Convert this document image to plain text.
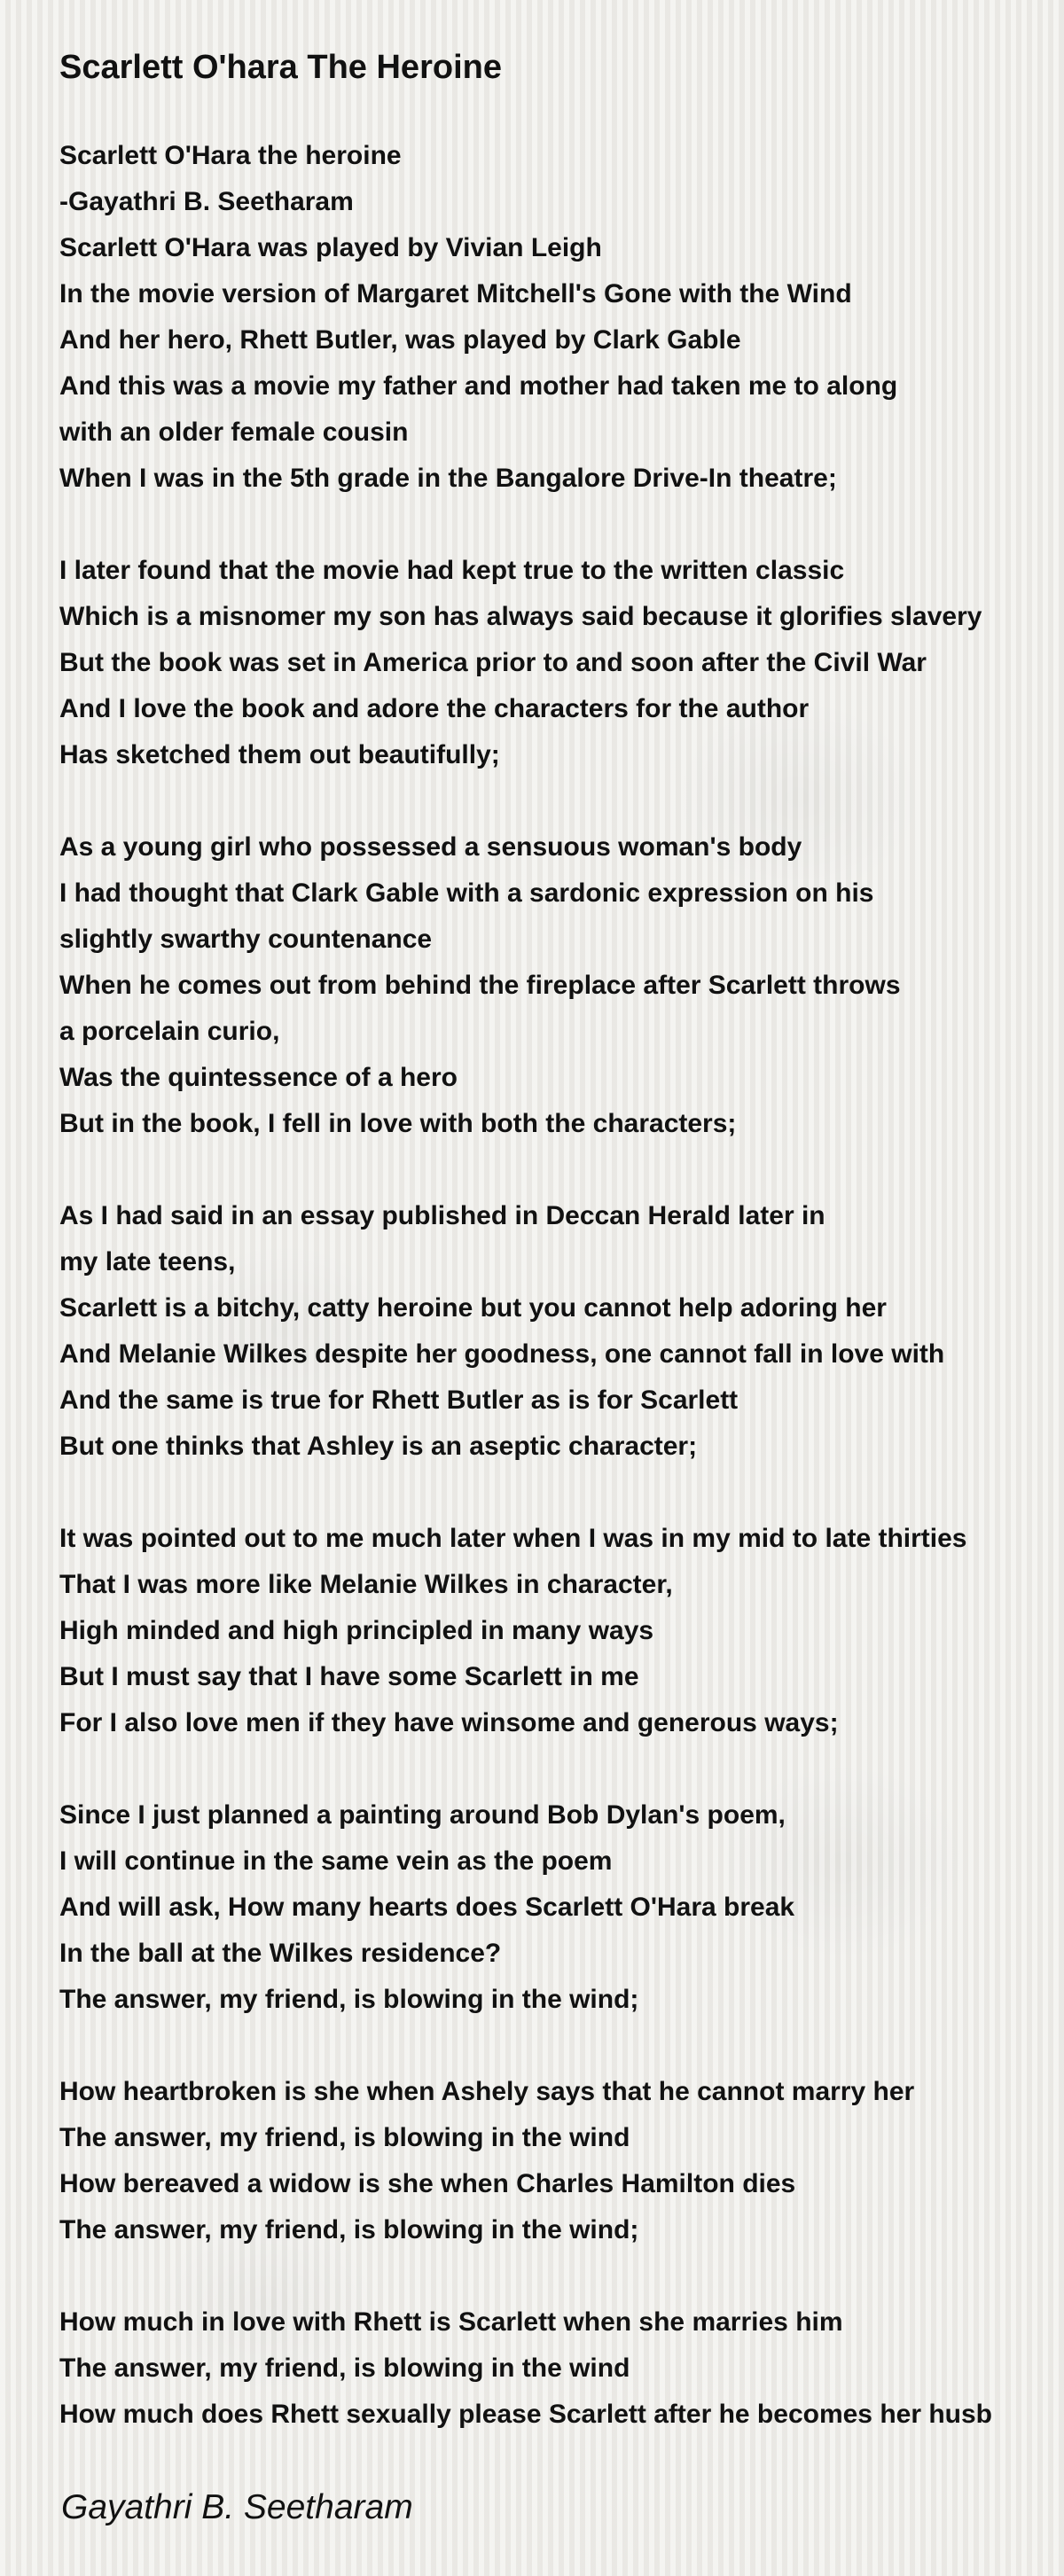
Scarlett O'hara The Heroine
Scarlett O'Hara the heroine
-Gayathri B. Seetharam
Scarlett O'Hara was played by Vivian Leigh
In the movie version of Margaret Mitchell's Gone with the Wind
And her hero, Rhett Butler, was played by Clark Gable
And this was a movie my father and mother had taken me to along
with an older female cousin
When I was in the 5th grade in the Bangalore Drive-In theatre;
I later found that the movie had kept true to the written classic
Which is a misnomer my son has always said because it glorifies slavery
But the book was set in America prior to and soon after the Civil War
And I love the book and adore the characters for the author
Has sketched them out beautifully;
As a young girl who possessed a sensuous woman's body
I had thought that Clark Gable with a sardonic expression on his
slightly swarthy countenance
When he comes out from behind the fireplace after Scarlett throws
a porcelain curio,
Was the quintessence of a hero
But in the book, I fell in love with both the characters;
As I had said in an essay published in Deccan Herald later in
my late teens,
Scarlett is a bitchy, catty heroine but you cannot help adoring her
And Melanie Wilkes despite her goodness, one cannot fall in love with
And the same is true for Rhett Butler as is for Scarlett
But one thinks that Ashley is an aseptic character;
It was pointed out to me much later when I was in my mid to late thirties
That I was more like Melanie Wilkes in character,
High minded and high principled in many ways
But I must say that I have some Scarlett in me
For I also love men if they have winsome and generous ways;
Since I just planned a painting around Bob Dylan's poem,
I will continue in the same vein as the poem
And will ask, How many hearts does Scarlett O'Hara break
In the ball at the Wilkes residence?
The answer, my friend, is blowing in the wind;
How heartbroken is she when Ashely says that he cannot marry her
The answer, my friend, is blowing in the wind
How bereaved a widow is she when Charles Hamilton dies
The answer, my friend, is blowing in the wind;
How much in love with Rhett is Scarlett when she marries him
The answer, my friend, is blowing in the wind
How much does Rhett sexually please Scarlett after he becomes her husb
Gayathri B. Seetharam
